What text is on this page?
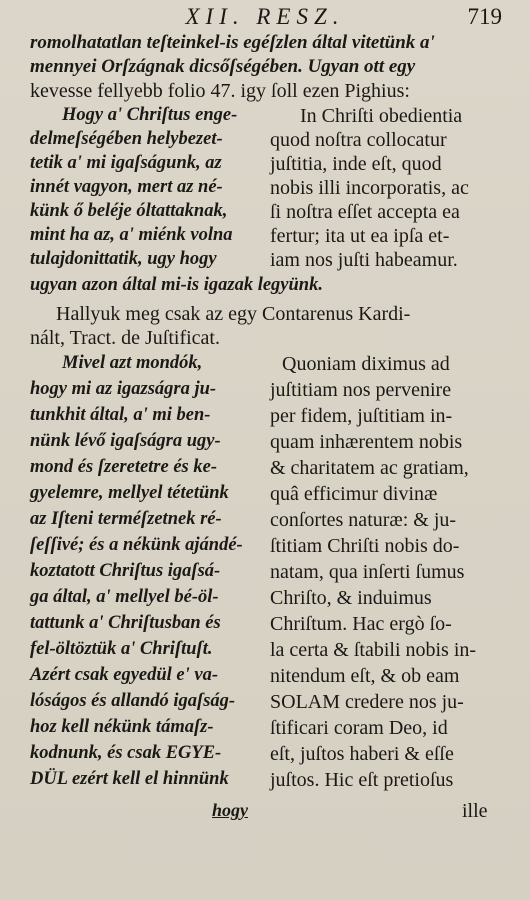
XII. RESZ.	719
romolhatatlan teſteinkel-is egéſzlen által vitetünk a'
mennyei Orſzágnak dicsőſségében. Ugyan ott egy
kevesse fellyebb folio 47. igy ſoll ezen Pighius:
Hogy a' Chriſtus enge-
delmeſségében helybezet-
tetik a' mi igaſságunk, az
innét vagyon, mert az né-
künk ő beléje óltattaknak,
mint ha az, a' miénk volna
tulajdonittatik, ugy hogy
In Chriſti obedientia
quod noſtra collocatur
juſtitia, inde eſt, quod
nobis illi incorporatis, ac
ſi noſtra eſſet accepta ea
fertur; ita ut ea ipſa et-
iam nos juſti habeamur.
ugyan azon által mi-is igazak legyünk.
Hallyuk meg csak az egy Contarenus Kardi-
nált, Tract. de Juſtificat.
Mivel azt mondók,
hogy mi az igazságra ju-
tunkhit által, a' mi ben-
nünk lévő igaſságra ugy-
mond és ſzeretetre és ke-
gyelemre, mellyel tétetünk
az Iſteni terméſzetnek ré-
ſeſſivé; és a nékünk ajándé-
koztatott Chriſtus igaſsá-
ga által, a' mellyel bé-öl-
tattunk a' Chriſtusban és
fel-öltöztük a' Chriſtuſt.
Azért csak egyedül e' va-
lóságos és allandó igaſság-
hoz kell nékünk támaſz-
kodnunk, és csak EGYE-
DÜL ezért kell el hinnünk
Quoniam diximus ad
juſtitiam nos pervenire
per fidem, juſtitiam in-
quam inhærentem nobis
& charitatem ac gratiam,
quâ efficimur divinæ
conſortes naturæ: & ju-
ſtitiam Chriſti nobis do-
natam, qua inſerti ſumus
Chriſto, & induimus
Chriſtum. Hac ergò ſo-
la certa & ſtabili nobis in-
nitendum eſt, & ob eam
SOLAM credere nos ju-
ſtificari coram Deo, id
eſt, juſtos haberi & eſſe
juſtos. Hic eſt pretioſus
hogy	ille
